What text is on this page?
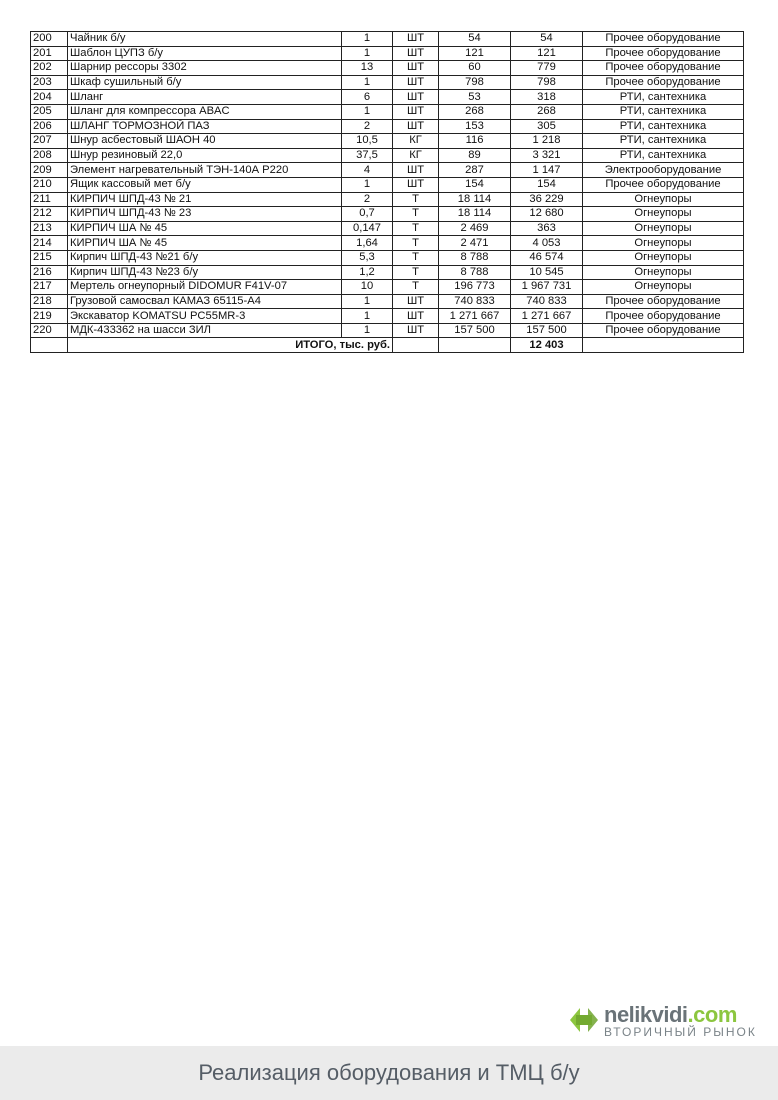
200	Чайник б/у	1	ШТ	54	54	Прочее оборудование
201	Шаблон ЦУПЗ б/у	1	ШТ	121	121	Прочее оборудование
202	Шарнир рессоры 3302	13	ШТ	60	779	Прочее оборудование
203	Шкаф сушильный б/у	1	ШТ	798	798	Прочее оборудование
204	Шланг	6	ШТ	53	318	РТИ, сантехника
205	Шланг для компрессора ABAC	1	ШТ	268	268	РТИ, сантехника
206	ШЛАНГ ТОРМОЗНОЙ ПАЗ	2	ШТ	153	305	РТИ, сантехника
207	Шнур асбестовый ШАОН 40	10,5	КГ	116	1 218	РТИ, сантехника
208	Шнур резиновый 22,0	37,5	КГ	89	3 321	РТИ, сантехника
209	Элемент нагревательный ТЭН-140А Р220	4	ШТ	287	1 147	Электрооборудование
210	Ящик кассовый мет б/у	1	ШТ	154	154	Прочее оборудование
211	КИРПИЧ ШПД-43 № 21	2	Т	18 114	36 229	Огнеупоры
212	КИРПИЧ ШПД-43 № 23	0,7	Т	18 114	12 680	Огнеупоры
213	КИРПИЧ ША № 45	0,147	Т	2 469	363	Огнеупоры
214	КИРПИЧ ША № 45	1,64	Т	2 471	4 053	Огнеупоры
215	Кирпич ШПД-43 №21 б/у	5,3	Т	8 788	46 574	Огнеупоры
216	Кирпич ШПД-43 №23 б/у	1,2	Т	8 788	10 545	Огнеупоры
217	Мертель огнеупорный DIDOMUR F41V-07	10	Т	196 773	1 967 731	Огнеупоры
218	Грузовой самосвал КАМАЗ 65115-А4	1	ШТ	740 833	740 833	Прочее оборудование
219	Экскаватор KOMATSU PC55MR-3	1	ШТ	1 271 667	1 271 667	Прочее оборудование
220	МДК-433362 на шасси ЗИЛ	1	ШТ	157 500	157 500	Прочее оборудование
	ИТОГО, тыс. руб.				12 403	
nelikvidi.com
ВТОРИЧНЫЙ РЫНОК
Реализация оборудования и ТМЦ б/у
